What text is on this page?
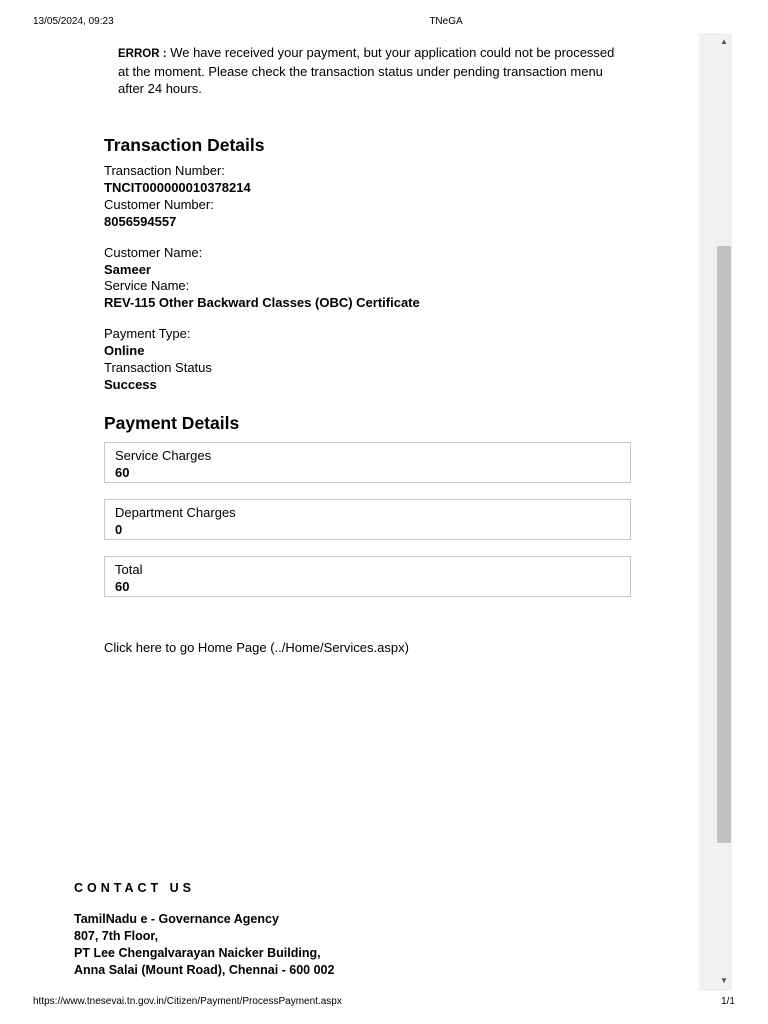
13/05/2024, 09:23	TNeGA
▲
▼
ERROR : We have received your payment, but your application could not be processed at the moment. Please check the transaction status under pending transaction menu after 24 hours.
Transaction Details
Transaction Number:
TNCIT000000010378214
Customer Number:
8056594557
Customer Name:
Sameer
Service Name:
REV-115 Other Backward Classes (OBC) Certificate
Payment Type:
Online
Transaction Status
Success
Payment Details
Service Charges
60
Department Charges
0
Total
60
Click here to go Home Page (../Home/Services.aspx)
CONTACT US
TamilNadu e - Governance Agency
807, 7th Floor,
PT Lee Chengalvarayan Naicker Building,
Anna Salai (Mount Road), Chennai - 600 002
https://www.tnesevai.tn.gov.in/Citizen/Payment/ProcessPayment.aspx	1/1
